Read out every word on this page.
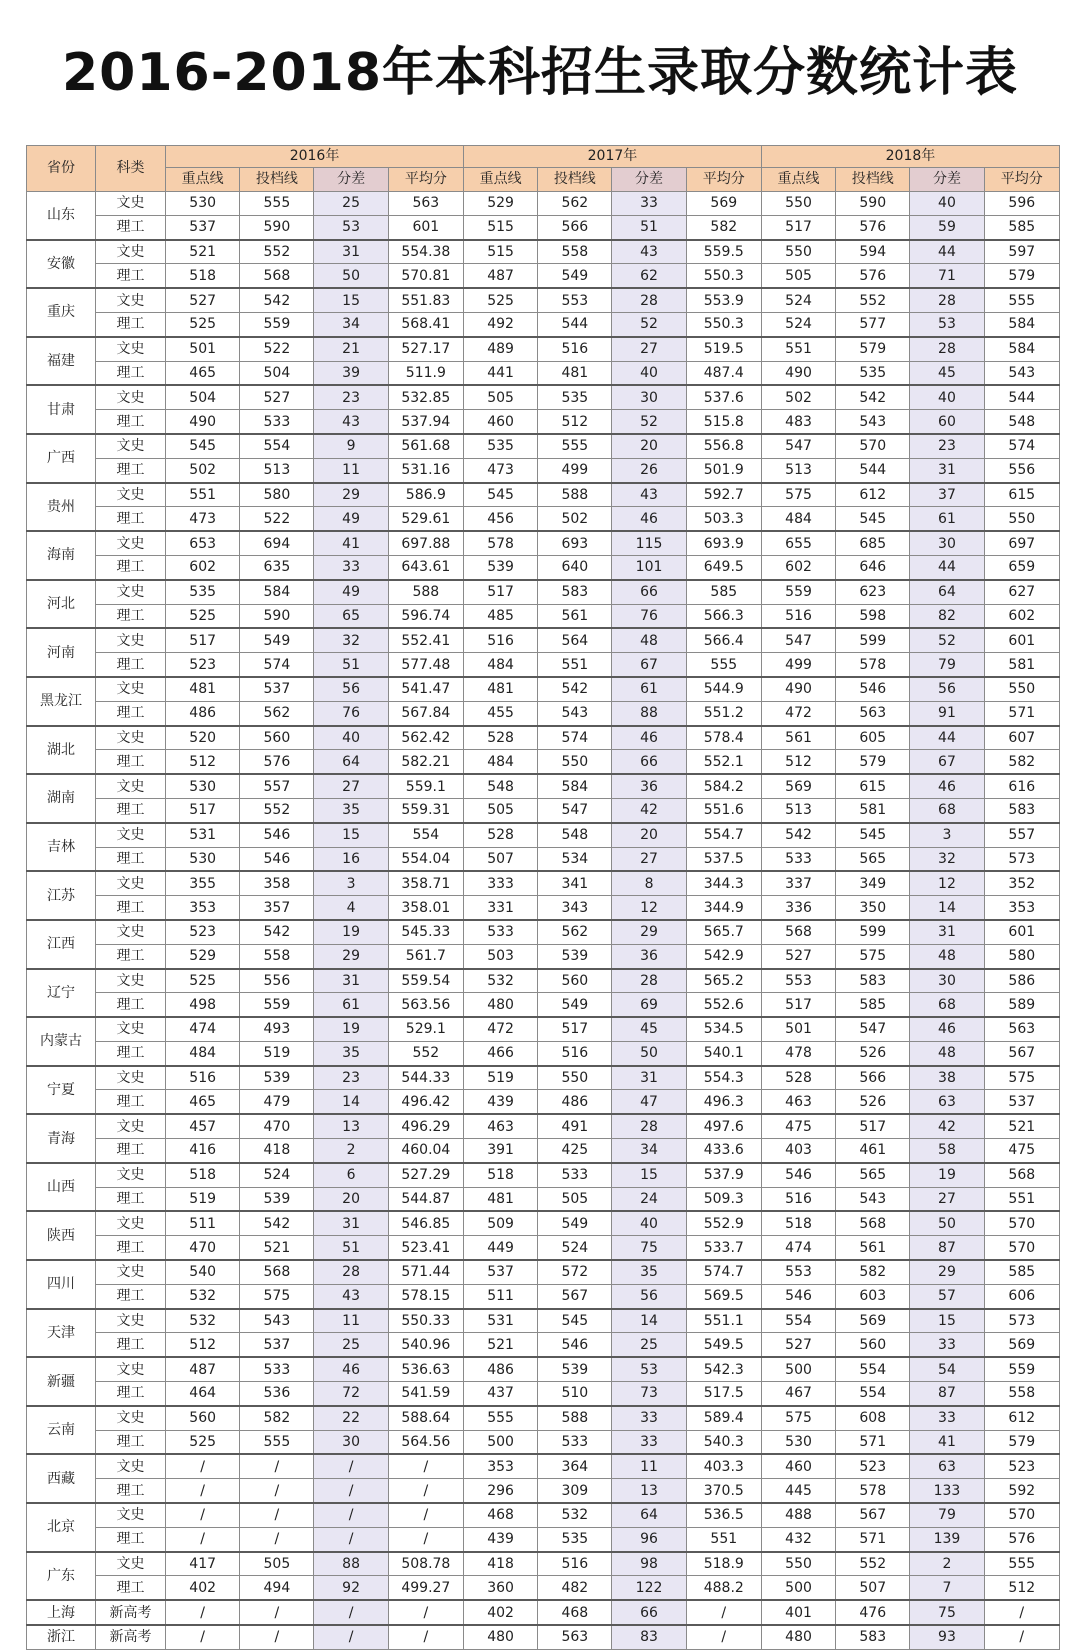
2016-2018年本科招生录取分数统计表
省份	科类	2016年				2017年				2018年			
		重点线	投档线	分差	平均分	重点线	投档线	分差	平均分	重点线	投档线	分差	平均分
山东	文史	530	555	25	563	529	562	33	569	550	590	40	596
	理工	537	590	53	601	515	566	51	582	517	576	59	585
安徽	文史	521	552	31	554.38	515	558	43	559.5	550	594	44	597
	理工	518	568	50	570.81	487	549	62	550.3	505	576	71	579
重庆	文史	527	542	15	551.83	525	553	28	553.9	524	552	28	555
	理工	525	559	34	568.41	492	544	52	550.3	524	577	53	584
福建	文史	501	522	21	527.17	489	516	27	519.5	551	579	28	584
	理工	465	504	39	511.9	441	481	40	487.4	490	535	45	543
甘肃	文史	504	527	23	532.85	505	535	30	537.6	502	542	40	544
	理工	490	533	43	537.94	460	512	52	515.8	483	543	60	548
广西	文史	545	554	9	561.68	535	555	20	556.8	547	570	23	574
	理工	502	513	11	531.16	473	499	26	501.9	513	544	31	556
贵州	文史	551	580	29	586.9	545	588	43	592.7	575	612	37	615
	理工	473	522	49	529.61	456	502	46	503.3	484	545	61	550
海南	文史	653	694	41	697.88	578	693	115	693.9	655	685	30	697
	理工	602	635	33	643.61	539	640	101	649.5	602	646	44	659
河北	文史	535	584	49	588	517	583	66	585	559	623	64	627
	理工	525	590	65	596.74	485	561	76	566.3	516	598	82	602
河南	文史	517	549	32	552.41	516	564	48	566.4	547	599	52	601
	理工	523	574	51	577.48	484	551	67	555	499	578	79	581
黑龙江	文史	481	537	56	541.47	481	542	61	544.9	490	546	56	550
	理工	486	562	76	567.84	455	543	88	551.2	472	563	91	571
湖北	文史	520	560	40	562.42	528	574	46	578.4	561	605	44	607
	理工	512	576	64	582.21	484	550	66	552.1	512	579	67	582
湖南	文史	530	557	27	559.1	548	584	36	584.2	569	615	46	616
	理工	517	552	35	559.31	505	547	42	551.6	513	581	68	583
吉林	文史	531	546	15	554	528	548	20	554.7	542	545	3	557
	理工	530	546	16	554.04	507	534	27	537.5	533	565	32	573
江苏	文史	355	358	3	358.71	333	341	8	344.3	337	349	12	352
	理工	353	357	4	358.01	331	343	12	344.9	336	350	14	353
江西	文史	523	542	19	545.33	533	562	29	565.7	568	599	31	601
	理工	529	558	29	561.7	503	539	36	542.9	527	575	48	580
辽宁	文史	525	556	31	559.54	532	560	28	565.2	553	583	30	586
	理工	498	559	61	563.56	480	549	69	552.6	517	585	68	589
内蒙古	文史	474	493	19	529.1	472	517	45	534.5	501	547	46	563
	理工	484	519	35	552	466	516	50	540.1	478	526	48	567
宁夏	文史	516	539	23	544.33	519	550	31	554.3	528	566	38	575
	理工	465	479	14	496.42	439	486	47	496.3	463	526	63	537
青海	文史	457	470	13	496.29	463	491	28	497.6	475	517	42	521
	理工	416	418	2	460.04	391	425	34	433.6	403	461	58	475
山西	文史	518	524	6	527.29	518	533	15	537.9	546	565	19	568
	理工	519	539	20	544.87	481	505	24	509.3	516	543	27	551
陕西	文史	511	542	31	546.85	509	549	40	552.9	518	568	50	570
	理工	470	521	51	523.41	449	524	75	533.7	474	561	87	570
四川	文史	540	568	28	571.44	537	572	35	574.7	553	582	29	585
	理工	532	575	43	578.15	511	567	56	569.5	546	603	57	606
天津	文史	532	543	11	550.33	531	545	14	551.1	554	569	15	573
	理工	512	537	25	540.96	521	546	25	549.5	527	560	33	569
新疆	文史	487	533	46	536.63	486	539	53	542.3	500	554	54	559
	理工	464	536	72	541.59	437	510	73	517.5	467	554	87	558
云南	文史	560	582	22	588.64	555	588	33	589.4	575	608	33	612
	理工	525	555	30	564.56	500	533	33	540.3	530	571	41	579
西藏	文史	/	/	/	/	353	364	11	403.3	460	523	63	523
	理工	/	/	/	/	296	309	13	370.5	445	578	133	592
北京	文史	/	/	/	/	468	532	64	536.5	488	567	79	570
	理工	/	/	/	/	439	535	96	551	432	571	139	576
广东	文史	417	505	88	508.78	418	516	98	518.9	550	552	2	555
	理工	402	494	92	499.27	360	482	122	488.2	500	507	7	512
上海	新高考	/	/	/	/	402	468	66	/	401	476	75	/
浙江	新高考	/	/	/	/	480	563	83	/	480	583	93	/
